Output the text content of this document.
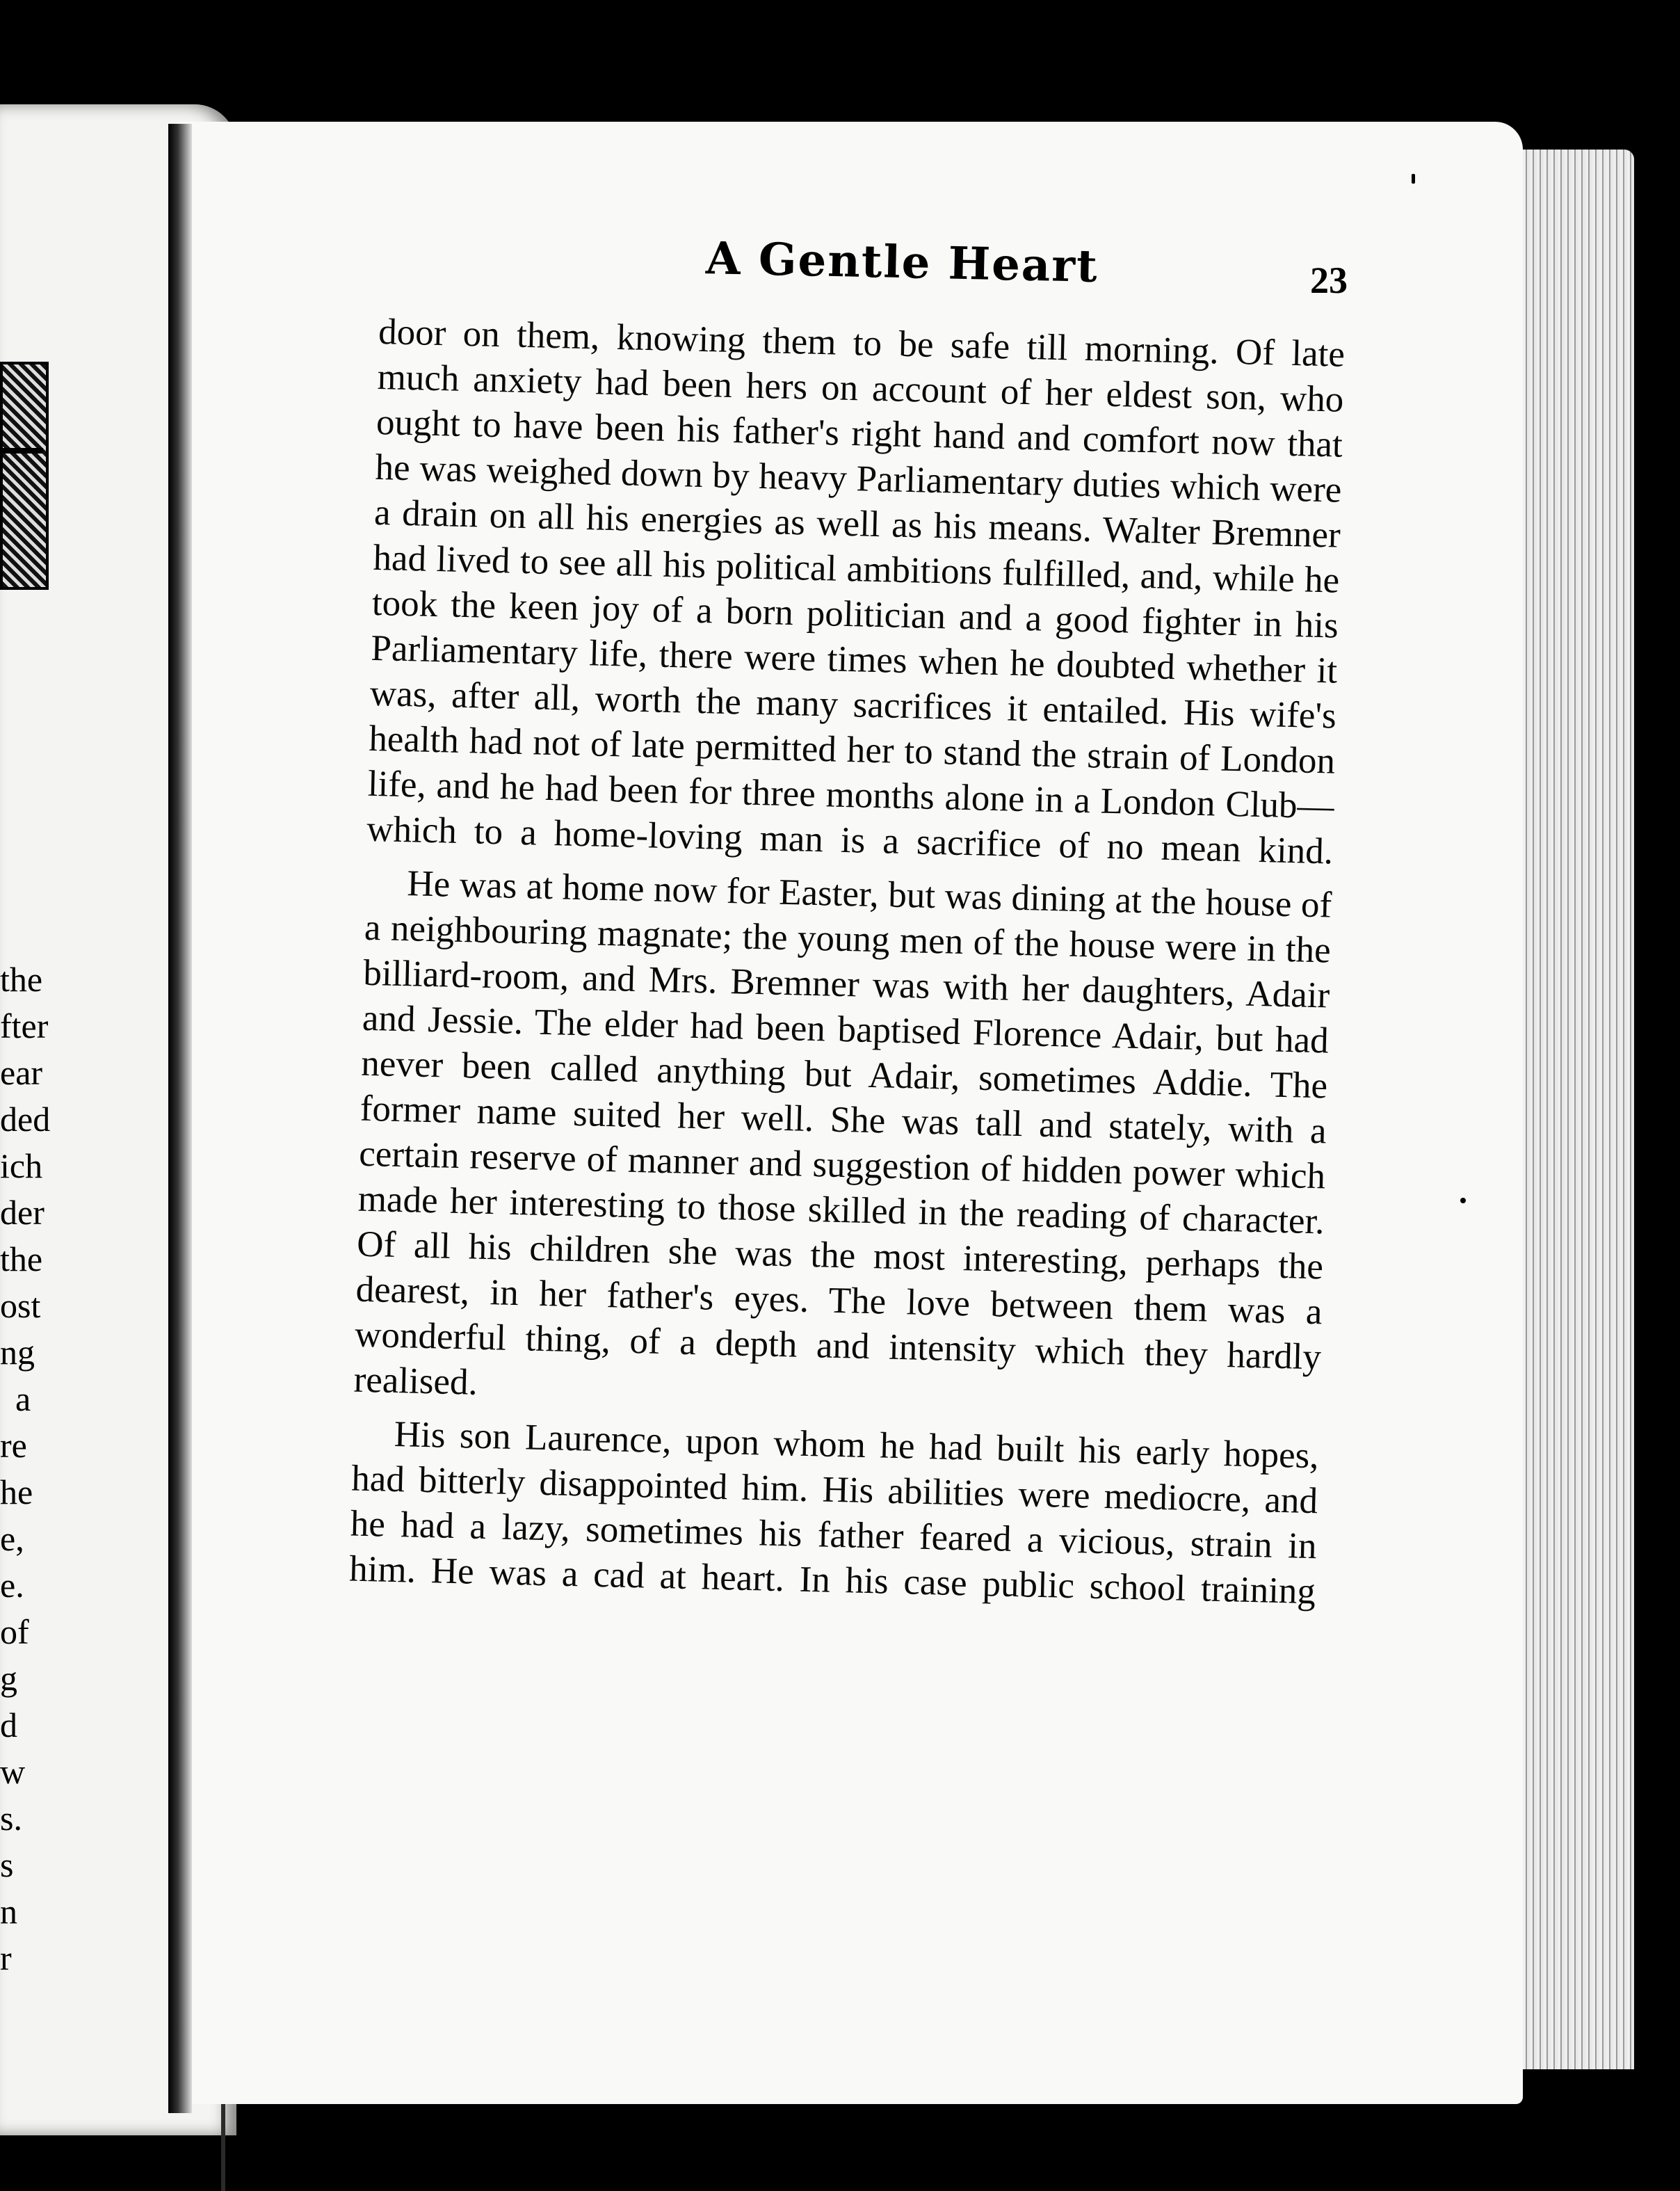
the
fter
ear
ded
ich
der
the
ost
ng
a
re
he
e,
e.
of
g
d
w
s.
s
n
r
A Gentle Heart	23

door on them, knowing them to be safe till morning. Of late much anxiety had been hers on account of her eldest son, who ought to have been his father's right hand and comfort now that he was weighed down by heavy Parliamentary duties which were a drain on all his energies as well as his means. Walter Bremner had lived to see all his political ambitions fulfilled, and, while he took the keen joy of a born politician and a good fighter in his Parliamentary life, there were times when he doubted whether it was, after all, worth the many sacrifices it entailed. His wife's health had not of late permitted her to stand the strain of London life, and he had been for three months alone in a London Club—which to a home-loving man is a sacrifice of no mean kind.

He was at home now for Easter, but was dining at the house of a neighbouring magnate; the young men of the house were in the billiard-room, and Mrs. Bremner was with her daughters, Adair and Jessie. The elder had been baptised Florence Adair, but had never been called anything but Adair, sometimes Addie. The former name suited her well. She was tall and stately, with a certain reserve of manner and suggestion of hidden power which made her interesting to those skilled in the reading of character. Of all his children she was the most interesting, perhaps the dearest, in her father's eyes. The love between them was a wonderful thing, of a depth and intensity which they hardly realised.

His son Laurence, upon whom he had built his early hopes, had bitterly disappointed him. His abilities were mediocre, and he had a lazy, sometimes his father feared a vicious, strain in him. He was a cad at heart. In his case public school training
